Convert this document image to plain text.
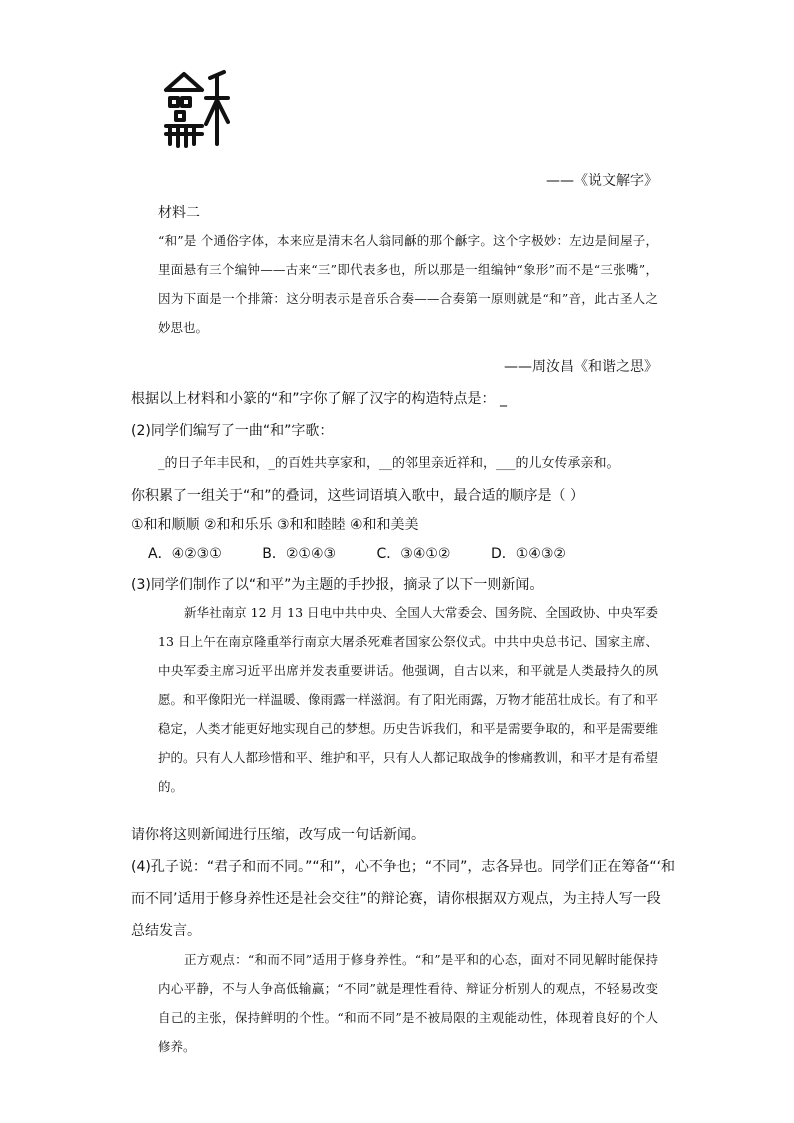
——《说文解字》
材料二

“和”是 个通俗字体，本来应是清末名人翁同龢的那个龢字。这个字极妙：左边是间屋子，里面悬有三个编钟——古来“三”即代表多也，所以那是一组编钟“象形”而不是“三张嘴”，因为下面是一个排箫：这分明表示是音乐合奏——合奏第一原则就是“和”音，此古圣人之妙思也。

——周汝昌《和谐之思》
根据以上材料和小篆的“和”字你了解了汉字的构造特点是： _
(2)同学们编写了一曲“和”字歌：
_的日子年丰民和，_的百姓共享家和，__的邻里亲近祥和，___的儿女传承亲和。
你积累了一组关于“和”的叠词，这些词语填入歌中，最合适的顺序是（ ）
①和和顺顺 ②和和乐乐 ③和和睦睦 ④和和美美
A．④②③①	B．②①④③	C．③④①②	D．①④③②
(3)同学们制作了以“和平”为主题的手抄报，摘录了以下一则新闻。

新华社南京 12 月 13 日电中共中央、全国人大常委会、国务院、全国政协、中央军委 13 日上午在南京隆重举行南京大屠杀死难者国家公祭仪式。中共中央总书记、国家主席、中央军委主席习近平出席并发表重要讲话。他强调，自古以来，和平就是人类最持久的夙愿。和平像阳光一样温暖、像雨露一样滋润。有了阳光雨露，万物才能茁壮成长。有了和平稳定，人类才能更好地实现自己的梦想。历史告诉我们，和平是需要争取的，和平是需要维护的。只有人人都珍惜和平、维护和平，只有人人都记取战争的惨痛教训，和平才是有希望的。

请你将这则新闻进行压缩，改写成一句话新闻。
(4)孔子说：“君子和而不同。”“和”，心不争也；“不同”，志各异也。同学们正在筹备“‘和
而不同’适用于修身养性还是社会交往”的辩论赛，请你根据双方观点，为主持人写一段
总结发言。

正方观点：“和而不同”适用于修身养性。“和”是平和的心态，面对不同见解时能保持内心平静，不与人争高低输赢；“不同”就是理性看待、辩证分析别人的观点，不轻易改变自己的主张，保持鲜明的个性。“和而不同”是不被局限的主观能动性，体现着良好的个人修养。
